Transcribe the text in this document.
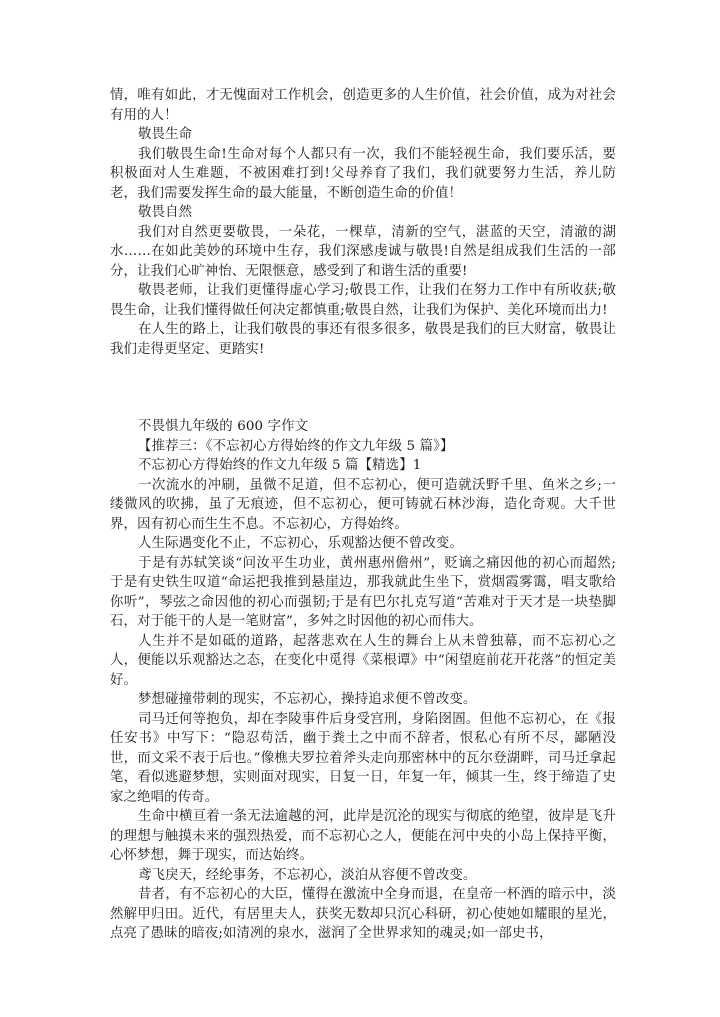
情，唯有如此，才无愧面对工作机会，创造更多的人生价值，社会价值，成为对社会有用的人！

敬畏生命

我们敬畏生命!生命对每个人都只有一次，我们不能轻视生命，我们要乐活，要积极面对人生难题，不被困难打到!父母养育了我们，我们就要努力生活，养儿防老，我们需要发挥生命的最大能量，不断创造生命的价值！

敬畏自然

我们对自然更要敬畏，一朵花，一棵草，清新的空气，湛蓝的天空，清澈的湖水……在如此美妙的环境中生存，我们深感虔诚与敬畏!自然是组成我们生活的一部分，让我们心旷神怡、无限惬意，感受到了和谐生活的重要!

敬畏老师，让我们更懂得虚心学习;敬畏工作，让我们在努力工作中有所收获;敬畏生命，让我们懂得做任何决定都慎重;敬畏自然，让我们为保护、美化环境而出力!

在人生的路上，让我们敬畏的事还有很多很多，敬畏是我们的巨大财富，敬畏让我们走得更坚定、更踏实!

不畏惧九年级的 600 字作文

【推荐三：《不忘初心方得始终的作文九年级 5 篇》】

不忘初心方得始终的作文九年级 5 篇【精选】1

一次流水的冲刷，虽微不足道，但不忘初心，便可造就沃野千里、鱼米之乡;一缕微风的吹拂，虽了无痕迹，但不忘初心，便可铸就石林沙海，造化奇观。大千世界，因有初心而生生不息。不忘初心，方得始终。

人生际遇变化不止，不忘初心，乐观豁达便不曾改变。

于是有苏轼笑谈“问汝平生功业，黄州惠州儋州”，贬谪之痛因他的初心而超然;于是有史铁生叹道“命运把我推到悬崖边，那我就此生坐下，赏烟霞雾霭，唱支歌给你听”，琴弦之命因他的初心而强韧;于是有巴尔扎克写道“苦难对于天才是一块垫脚石，对于能干的人是一笔财富”，多舛之时因他的初心而伟大。

人生并不是如砥的道路，起落悲欢在人生的舞台上从未曾独幕，而不忘初心之人，便能以乐观豁达之态，在变化中觅得《菜根谭》中“闲望庭前花开花落”的恒定美好。

梦想碰撞带刺的现实，不忘初心，操持追求便不曾改变。

司马迁何等抱负，却在李陵事件后身受宫刑，身陷囹圄。但他不忘初心，在《报任安书》中写下：“隐忍苟活，幽于粪土之中而不辞者，恨私心有所不尽，鄙陋没世，而文采不表于后也。”像樵夫罗拉着斧头走向那密林中的瓦尔登湖畔，司马迁拿起笔，看似逃避梦想，实则面对现实，日复一日，年复一年，倾其一生，终于缔造了史家之绝唱的传奇。

生命中横亘着一条无法逾越的河，此岸是沉沦的现实与彻底的绝望，彼岸是飞升的理想与触摸未来的强烈热爱，而不忘初心之人，便能在河中央的小岛上保持平衡，心怀梦想，舞于现实，而达始终。

鸢飞戾天，经纶事务，不忘初心，淡泊从容便不曾改变。

昔者，有不忘初心的大臣，懂得在激流中全身而退，在皇帝一杯酒的暗示中，淡然解甲归田。近代，有居里夫人，获奖无数却只沉心科研，初心使她如耀眼的星光，点亮了愚昧的暗夜;如清冽的泉水，滋润了全世界求知的魂灵;如一部史书，
